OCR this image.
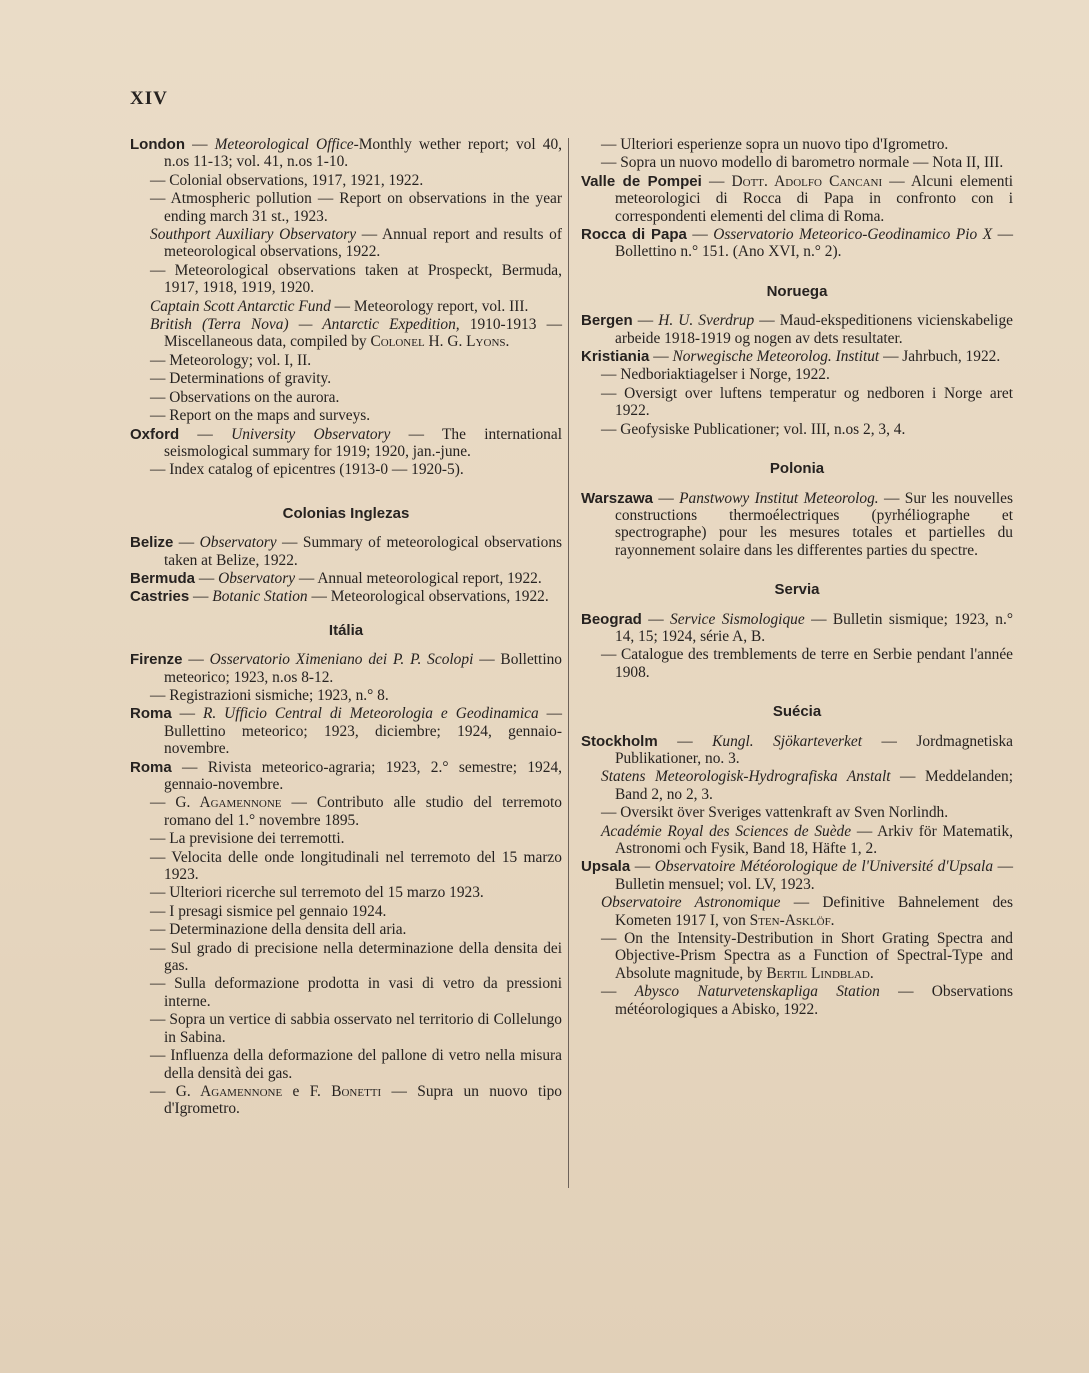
XIV

London — Meteorological Office-Monthly wether report; vol 40, n.os 11-13; vol. 41, n.os 1-10.

— Colonial observations, 1917, 1921, 1922.

— Atmospheric pollution — Report on observations in the year ending march 31 st., 1923.

Southport Auxiliary Observatory — Annual report and results of meteorological observations, 1922.

— Meteorological observations taken at Prospeckt, Bermuda, 1917, 1918, 1919, 1920.

Captain Scott Antarctic Fund — Meteorology report, vol. III.

British (Terra Nova) — Antarctic Expedition, 1910-1913 — Miscellaneous data, compiled by Colonel H. G. Lyons.

— Meteorology; vol. I, II.

— Determinations of gravity.

— Observations on the aurora.

— Report on the maps and surveys.

Oxford — University Observatory — The international seismological summary for 1919; 1920, jan.-june.

— Index catalog of epicentres (1913-0 — 1920-5).

Colonias Inglezas

Belize — Observatory — Summary of meteorological observations taken at Belize, 1922.

Bermuda — Observatory — Annual meteorological report, 1922.

Castries — Botanic Station — Meteorological observations, 1922.

Itália

Firenze — Osservatorio Ximeniano dei P. P. Scolopi — Bollettino meteorico; 1923, n.os 8-12.

— Registrazioni sismiche; 1923, n.° 8.

Roma — R. Ufficio Central di Meteorologia e Geodinamica — Bullettino meteorico; 1923, diciembre; 1924, gennaio-novembre.

Roma — Rivista meteorico-agraria; 1923, 2.° semestre; 1924, gennaio-novembre.

— G. Agamennone — Contributo alle studio del terremoto romano del 1.° novembre 1895.

— La previsione dei terremotti.

— Velocita delle onde longitudinali nel terremoto del 15 marzo 1923.

— Ulteriori ricerche sul terremoto del 15 marzo 1923.

— I presagi sismice pel gennaio 1924.

— Determinazione della densita dell aria.

— Sul grado di precisione nella determinazione della densita dei gas.

— Sulla deformazione prodotta in vasi di vetro da pressioni interne.

— Sopra un vertice di sabbia osservato nel territorio di Collelungo in Sabina.

— Influenza della deformazione del pallone di vetro nella misura della densità dei gas.

— G. Agamennone e F. Bonetti — Supra un nuovo tipo d'Igrometro.

— Ulteriori esperienze sopra un nuovo tipo d'Igrometro.

— Sopra un nuovo modello di barometro normale — Nota II, III.

Valle de Pompei — Dott. Adolfo Cancani — Alcuni elementi meteorologici di Rocca di Papa in confronto con i correspondenti elementi del clima di Roma.

Rocca di Papa — Osservatorio Meteorico-Geodinamico Pio X — Bollettino n.° 151. (Ano XVI, n.° 2).

Noruega

Bergen — H. U. Sverdrup — Maud-ekspeditionens vicienskabelige arbeide 1918-1919 og nogen av dets resultater.

Kristiania — Norwegische Meteorolog. Institut — Jahrbuch, 1922.

— Nedboriaktiagelser i Norge, 1922.

— Oversigt over luftens temperatur og nedboren i Norge aret 1922.

— Geofysiske Publicationer; vol. III, n.os 2, 3, 4.

Polonia

Warszawa — Panstwowy Institut Meteorolog. — Sur les nouvelles constructions thermoélectriques (pyrhéliographe et spectrographe) pour les mesures totales et partielles du rayonnement solaire dans les differentes parties du spectre.

Servia

Beograd — Service Sismologique — Bulletin sismique; 1923, n.° 14, 15; 1924, série A, B.

— Catalogue des tremblements de terre en Serbie pendant l'année 1908.

Suécia

Stockholm — Kungl. Sjökarteverket — Jordmagnetiska Publikationer, no. 3.

Statens Meteorologisk-Hydrografiska Anstalt — Meddelanden; Band 2, no 2, 3.

— Oversikt över Sveriges vattenkraft av Sven Norlindh.

Académie Royal des Sciences de Suède — Arkiv för Matematik, Astronomi och Fysik, Band 18, Häfte 1, 2.

Upsala — Observatoire Météorologique de l'Université d'Upsala — Bulletin mensuel; vol. LV, 1923.

Observatoire Astronomique — Definitive Bahnelement des Kometen 1917 I, von Sten-Asklöf.

— On the Intensity-Destribution in Short Grating Spectra and Objective-Prism Spectra as a Function of Spectral-Type and Absolute magnitude, by Bertil Lindblad.

— Abysco Naturvetenskapliga Station — Observations météorologiques a Abisko, 1922.
